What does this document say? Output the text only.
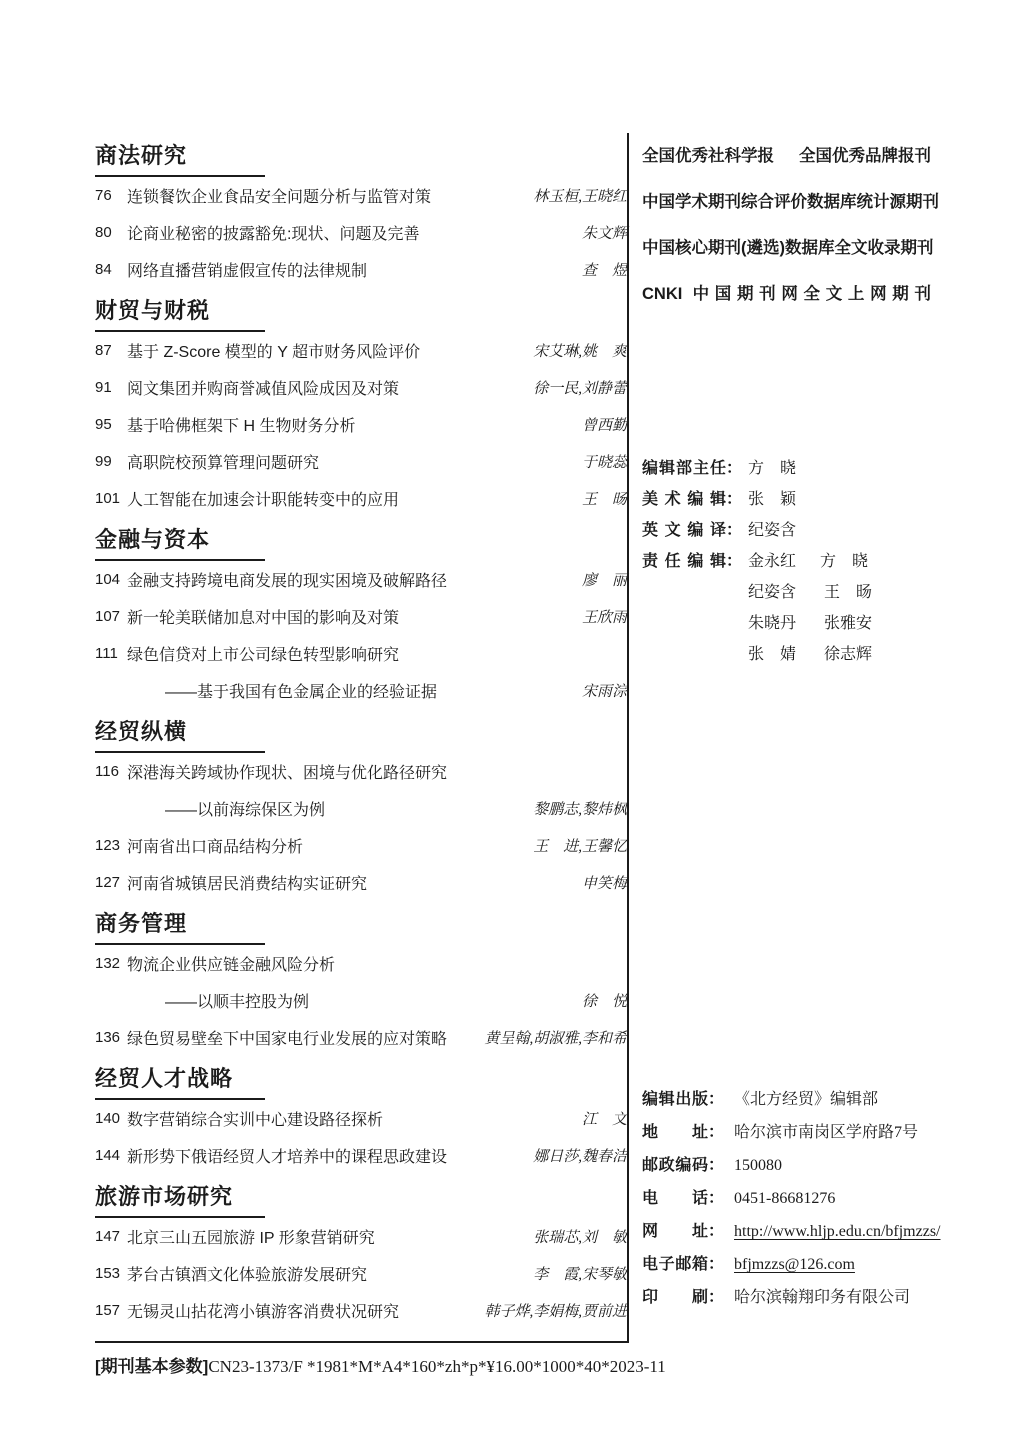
商法研究
76 连锁餐饮企业食品安全问题分析与监管对策	林玉桓,王晓红
80 论商业秘密的披露豁免:现状、问题及完善	朱文辉
84 网络直播营销虚假宣传的法律规制	查　煜
财贸与财税
87 基于 Z-Score 模型的 Y 超市财务风险评价	宋艾琳,姚　爽
91 阅文集团并购商誉减值风险成因及对策	徐一民,刘静蕾
95 基于哈佛框架下 H 生物财务分析	曾西勤
99 高职院校预算管理问题研究	于晓蕊
101 人工智能在加速会计职能转变中的应用	王　旸
金融与资本
104 金融支持跨境电商发展的现实困境及破解路径	廖　丽
107 新一轮美联储加息对中国的影响及对策	王欣雨
111 绿色信贷对上市公司绿色转型影响研究
——基于我国有色金属企业的经验证据	宋雨淙
经贸纵横
116 深港海关跨域协作现状、困境与优化路径研究
——以前海综保区为例	黎鹏志,黎炜枫
123 河南省出口商品结构分析	王　进,王馨忆
127 河南省城镇居民消费结构实证研究	申笑梅
商务管理
132 物流企业供应链金融风险分析
——以顺丰控股为例	徐　悦
136 绿色贸易壁垒下中国家电行业发展的应对策略	黄呈翰,胡淑雅,李和希
经贸人才战略
140 数字营销综合实训中心建设路径探析	江　文
144 新形势下俄语经贸人才培养中的课程思政建设	娜日莎,魏春洁
旅游市场研究
147 北京三山五园旅游 IP 形象营销研究	张瑞芯,刘　敏
153 茅台古镇酒文化体验旅游发展研究	李　霞,宋琴敏
157 无锡灵山拈花湾小镇游客消费状况研究	韩子烨,李娟梅,贾前进
[期刊基本参数]CN23-1373/F *1981*M*A4*160*zh*p*¥16.00*1000*40*2023-11
全国优秀社科学报 全国优秀品牌报刊
中国学术期刊综合评价数据库统计源期刊
中国核心期刊(遴选)数据库全文收录期刊
CNKI 中国期刊网全文上网期刊
编辑部主任 ： 方　晓
美术编辑 ： 张　颖
英文编译 ： 纪姿含
责任编辑 ： 金永红 方　晓
纪姿含 王　旸
朱晓丹 张雅安
张　婧 徐志辉
编辑出版 ： 《北方经贸》编辑部
地址 ： 哈尔滨市南岗区学府路7号
邮政编码 ： 150080
电话 ： 0451-86681276
网址 ： http://www.hljp.edu.cn/bfjmzzs/
电子邮箱 ： bfjmzzs@126.com
印刷 ： 哈尔滨翰翔印务有限公司
